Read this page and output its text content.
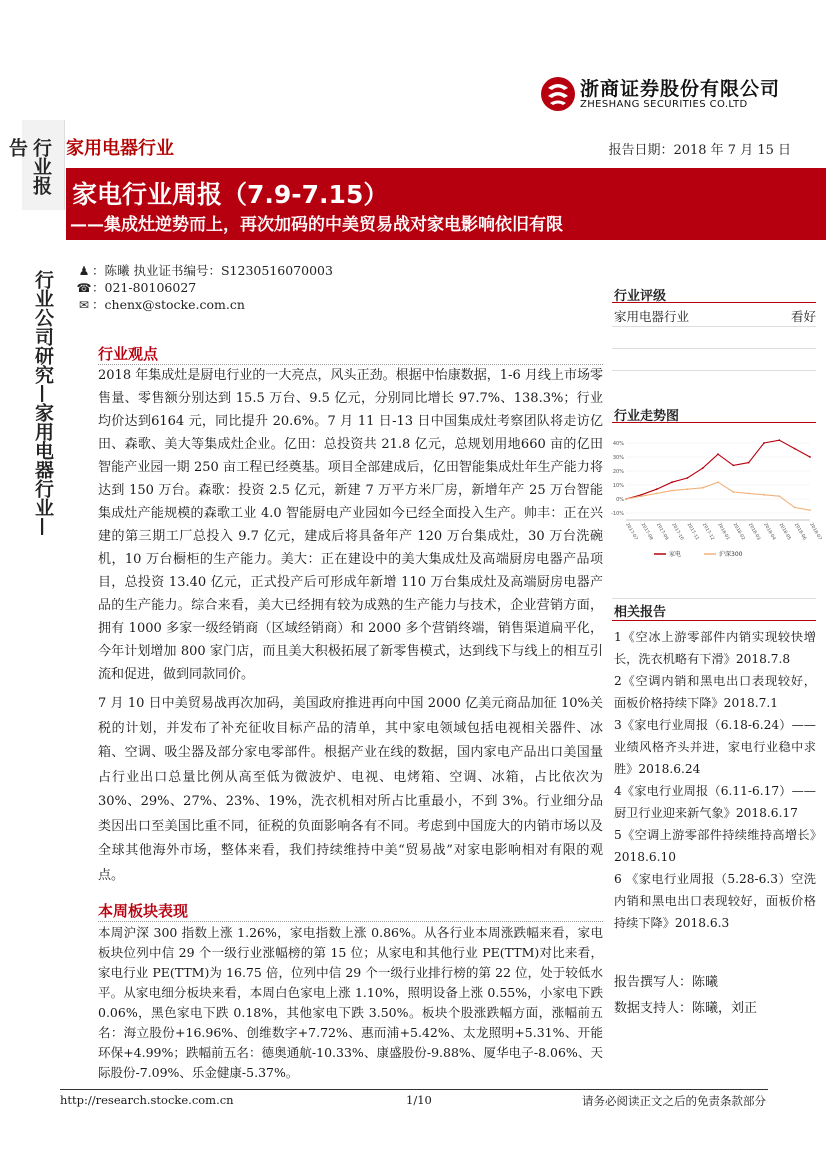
浙商证券股份有限公司
ZHESHANG SECURITIES CO.LTD
行业报告	家用电器行业	报告日期：2018 年 7 月 15 日
家电行业周报（7.9-7.15）
——集成灶逆势而上，再次加码的中美贸易战对家电影响依旧有限
行业公司研究—家用电器行业— ♟ ：陈曦 执业证书编号：S1230516070003
☎：021-80106027
✉ ：chenx@stocke.com.cn
行业观点
2018 年集成灶是厨电行业的一大亮点，风头正劲。根据中怡康数据，1-6 月线上市场零售量、零售额分别达到 15.5 万台、9.5 亿元，分别同比增长 97.7%、138.3%；行业均价达到6164 元，同比提升 20.6%。7 月 11 日-13 日中国集成灶考察团队将走访亿田、森歌、美大等集成灶企业。亿田：总投资共 21.8 亿元，总规划用地660 亩的亿田智能产业园一期 250 亩工程已经奠基。项目全部建成后，亿田智能集成灶年生产能力将达到 150 万台。森歌：投资 2.5 亿元，新建 7 万平方米厂房，新增年产 25 万台智能集成灶产能规模的森歌工业 4.0 智能厨电产业园如今已经全面投入生产。帅丰：正在兴建的第三期工厂总投入 9.7 亿元，建成后将具备年产 120 万台集成灶，30 万台洗碗机，10 万台橱柜的生产能力。美大：正在建设中的美大集成灶及高端厨房电器产品项目，总投资 13.40 亿元，正式投产后可形成年新增 110 万台集成灶及高端厨房电器产品的生产能力。综合来看，美大已经拥有较为成熟的生产能力与技术，企业营销方面，拥有 1000 多家一级经销商（区域经销商）和 2000 多个营销终端，销售渠道扁平化，今年计划增加 800 家门店，而且美大积极拓展了新零售模式，达到线下与线上的相互引流和促进，做到同款同价。
7 月 10 日中美贸易战再次加码，美国政府推进再向中国 2000 亿美元商品加征 10%关税的计划，并发布了补充征收目标产品的清单，其中家电领域包括电视相关器件、冰箱、空调、吸尘器及部分家电零部件。根据产业在线的数据，国内家电产品出口美国量占行业出口总量比例从高至低为微波炉、电视、电烤箱、空调、冰箱，占比依次为 30%、29%、27%、23%、19%，洗衣机相对所占比重最小，不到 3%。行业细分品类因出口至美国比重不同，征税的负面影响各有不同。考虑到中国庞大的内销市场以及全球其他海外市场，整体来看，我们持续维持中美“贸易战”对家电影响相对有限的观点。
本周板块表现
本周沪深 300 指数上涨 1.26%，家电指数上涨 0.86%。从各行业本周涨跌幅来看，家电板块位列中信 29 个一级行业涨幅榜的第 15 位；从家电和其他行业 PE(TTM)对比来看，家电行业 PE(TTM)为 16.75 倍，位列中信 29 个一级行业排行榜的第 22 位，处于较低水平。从家电细分板块来看，本周白色家电上涨 1.10%，照明设备上涨 0.55%，小家电下跌 0.06%，黑色家电下跌 0.18%，其他家电下跌 3.50%。板块个股涨跌幅方面，涨幅前五名：海立股份+16.96%、创维数字+7.72%、惠而浦+5.42%、太龙照明+5.31%、开能环保+4.99%；跌幅前五名：德奥通航-10.33%、康盛股份-9.88%、厦华电子-8.06%、天际股份-7.09%、乐金健康-5.37%。
行业评级
家用电器行业	看好
行业走势图
-10%
0%
10%
20%
30%
40%
2017-07 2017-08 2017-09 2017-10 2017-11 2017-12 2018-01 2018-02 2018-03 2018-04 2018-05 2018-06 2018-07
家电	沪深300
相关报告
1《空冰上游零部件内销实现较快增长，洗衣机略有下滑》2018.7.8
2《空调内销和黑电出口表现较好，面板价格持续下降》2018.7.1
3《家电行业周报（6.18-6.24）——业绩风格齐头并进，家电行业稳中求胜》2018.6.24
4《家电行业周报（6.11-6.17）——厨卫行业迎来新气象》2018.6.17
5《空调上游零部件持续维持高增长》2018.6.10
6 《家电行业周报（5.28-6.3）空洗内销和黑电出口表现较好，面板价格持续下降》2018.6.3
报告撰写人：陈曦
数据支持人：陈曦，刘正
http://research.stocke.com.cn	1/10	请务必阅读正文之后的免责条款部分
